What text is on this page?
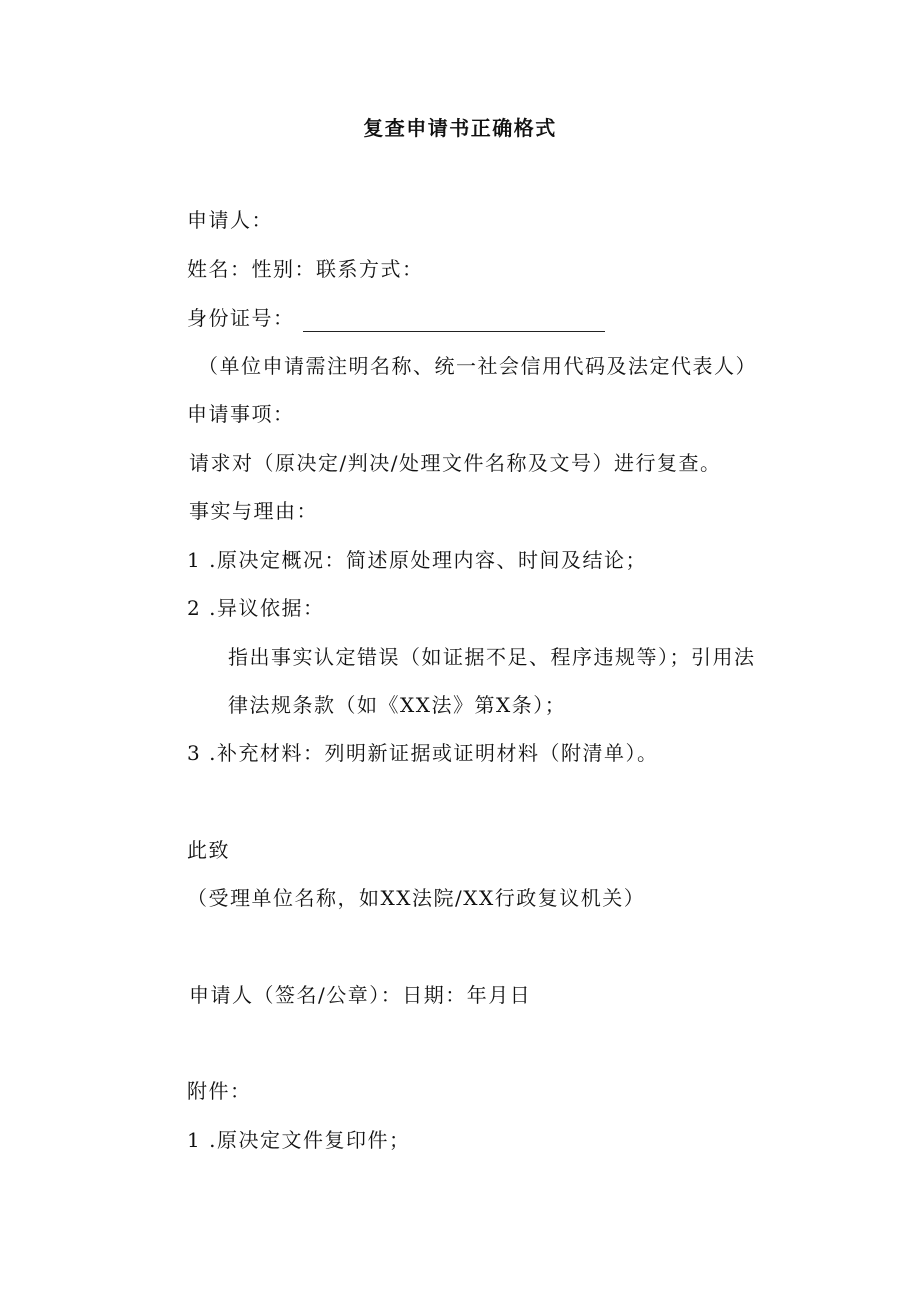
复查申请书正确格式
申请人：
姓名：性别：联系方式：
身份证号：
（单位申请需注明名称、统一社会信用代码及法定代表人）
申请事项：
请求对（原决定/判决/处理文件名称及文号）进行复查。
事实与理由：
1 .原决定概况：简述原处理内容、时间及结论；
2 .异议依据：
指出事实认定错误（如证据不足、程序违规等）；引用法
律法规条款（如《XX法》第X条）；
3 .补充材料：列明新证据或证明材料（附清单）。
此致
（受理单位名称，如XX法院/XX行政复议机关）
申请人（签名/公章）：日期：年月日
附件：
1 .原决定文件复印件；
